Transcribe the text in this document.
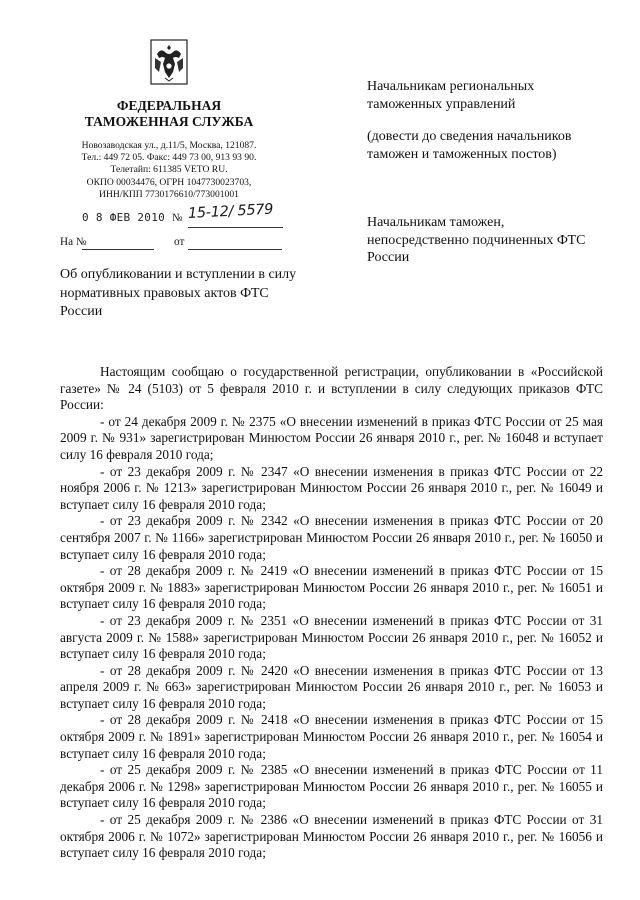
ФЕДЕРАЛЬНАЯ
ТАМОЖЕННАЯ СЛУЖБА
Новозаводская ул., д.11/5, Москва, 121087.
Тел.: 449 72 05. Факс: 449 73 00, 913 93 90.
Телетайп: 611385 VETO RU.
ОКПО 00034476, ОГРН 1047730023703,
ИНН/КПП 7730176610/773001001
0 8 ФЕВ 2010 № 15-12/ 5579
На №	от
Об опубликовании и вступлении в силу нормативных правовых актов ФТС России
Начальникам региональных таможенных управлений
(довести до сведения начальников таможен и таможенных постов)
Начальникам таможен, непосредственно подчиненных ФТС России

Настоящим сообщаю о государственной регистрации, опубликовании в «Российской газете» № 24 (5103) от 5 февраля 2010 г. и вступлении в силу следующих приказов ФТС России:

- от 24 декабря 2009 г. № 2375 «О внесении изменений в приказ ФТС России от 25 мая 2009 г. № 931» зарегистрирован Минюстом России 26 января 2010 г., рег. № 16048 и вступает силу 16 февраля 2010 года;
- от 23 декабря 2009 г. № 2347 «О внесении изменения в приказ ФТС России от 22 ноября 2006 г. № 1213» зарегистрирован Минюстом России 26 января 2010 г., рег. № 16049 и вступает силу 16 февраля 2010 года;
- от 23 декабря 2009 г. № 2342 «О внесении изменения в приказ ФТС России от 20 сентября 2007 г. № 1166» зарегистрирован Минюстом России 26 января 2010 г., рег. № 16050 и вступает силу 16 февраля 2010 года;
- от 28 декабря 2009 г. № 2419 «О внесении изменений в приказ ФТС России от 15 октября 2009 г. № 1883» зарегистрирован Минюстом России 26 января 2010 г., рег. № 16051 и вступает силу 16 февраля 2010 года;
- от 23 декабря 2009 г. № 2351 «О внесении изменений в приказ ФТС России от 31 августа 2009 г. № 1588» зарегистрирован Минюстом России 26 января 2010 г., рег. № 16052 и вступает силу 16 февраля 2010 года;
- от 28 декабря 2009 г. № 2420 «О внесении изменения в приказ ФТС России от 13 апреля 2009 г. № 663» зарегистрирован Минюстом России 26 января 2010 г., рег. № 16053 и вступает силу 16 февраля 2010 года;
- от 28 декабря 2009 г. № 2418 «О внесении изменения в приказ ФТС России от 15 октября 2009 г. № 1891» зарегистрирован Минюстом России 26 января 2010 г., рег. № 16054 и вступает силу 16 февраля 2010 года;
- от 25 декабря 2009 г. № 2385 «О внесении изменений в приказ ФТС России от 11 декабря 2006 г. № 1298» зарегистрирован Минюстом России 26 января 2010 г., рег. № 16055 и вступает силу 16 февраля 2010 года;
- от 25 декабря 2009 г. № 2386 «О внесении изменений в приказ ФТС России от 31 октября 2006 г. № 1072» зарегистрирован Минюстом России 26 января 2010 г., рег. № 16056 и вступает силу 16 февраля 2010 года;
